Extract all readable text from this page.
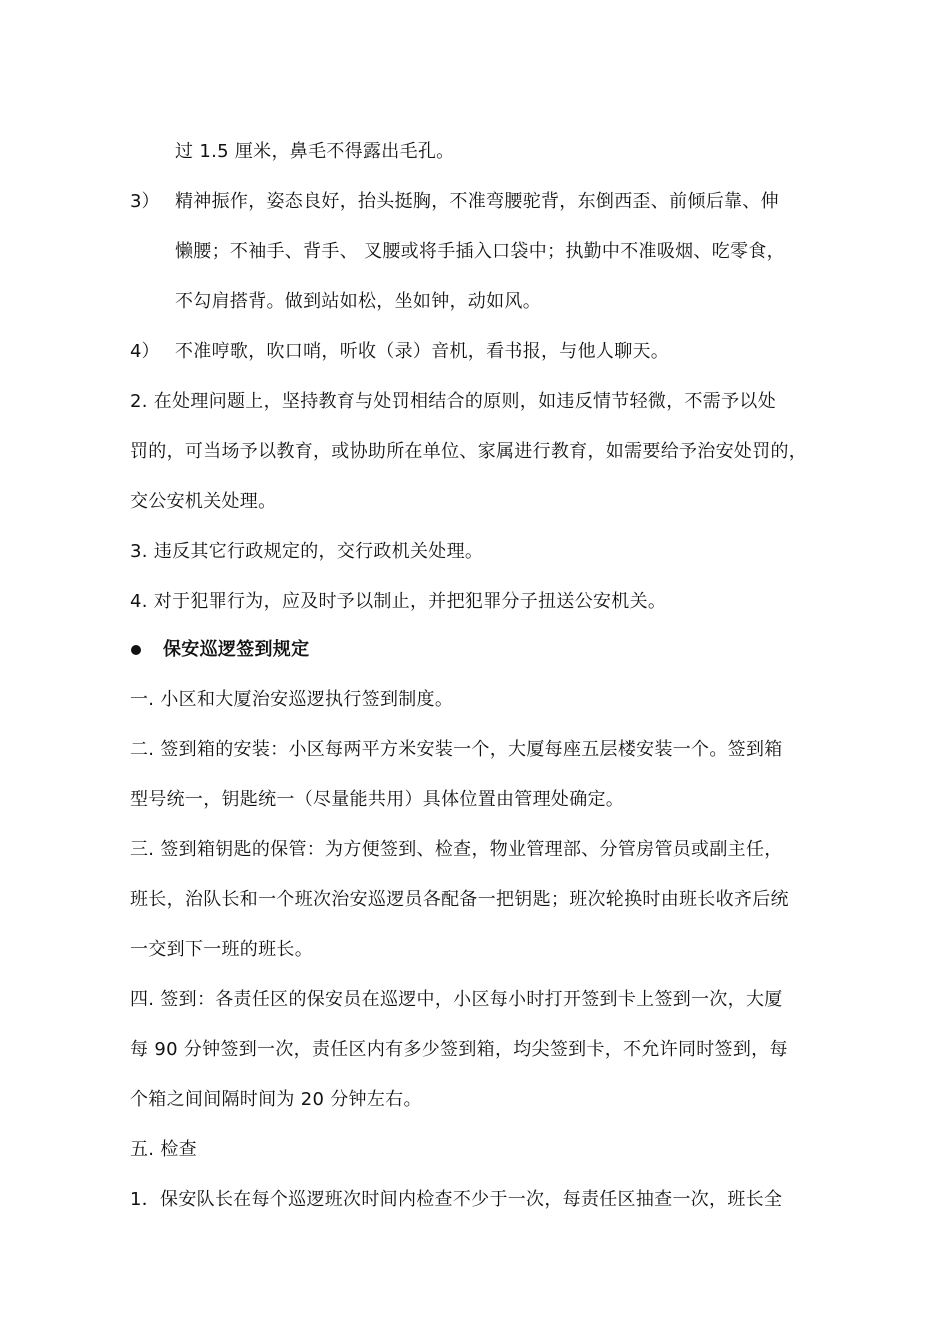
过 1.5 厘米，鼻毛不得露出毛孔。
3） 精神振作，姿态良好，抬头挺胸，不准弯腰驼背，东倒西歪、前倾后靠、伸
懒腰；不袖手、背手、 叉腰或将手插入口袋中；执勤中不准吸烟、吃零食，
不勾肩搭背。做到站如松，坐如钟，动如风。
4） 不准哼歌，吹口哨，听收（录）音机，看书报，与他人聊天。
2. 在处理问题上，坚持教育与处罚相结合的原则，如违反情节轻微，不需予以处
罚的，可当场予以教育，或协助所在单位、家属进行教育，如需要给予治安处罚的，
交公安机关处理。
3. 违反其它行政规定的，交行政机关处理。
4. 对于犯罪行为，应及时予以制止，并把犯罪分子扭送公安机关。
保安巡逻签到规定
一. 小区和大厦治安巡逻执行签到制度。
二. 签到箱的安装：小区每两平方米安装一个，大厦每座五层楼安装一个。签到箱
型号统一，钥匙统一（尽量能共用）具体位置由管理处确定。
三. 签到箱钥匙的保管：为方便签到、检查，物业管理部、分管房管员或副主任，
班长，治队长和一个班次治安巡逻员各配备一把钥匙；班次轮换时由班长收齐后统
一交到下一班的班长。
四. 签到：各责任区的保安员在巡逻中，小区每小时打开签到卡上签到一次，大厦
每 90 分钟签到一次，责任区内有多少签到箱，均尖签到卡，不允许同时签到，每
个箱之间间隔时间为 20 分钟左右。
五. 检查
1．保安队长在每个巡逻班次时间内检查不少于一次，每责任区抽查一次，班长全
